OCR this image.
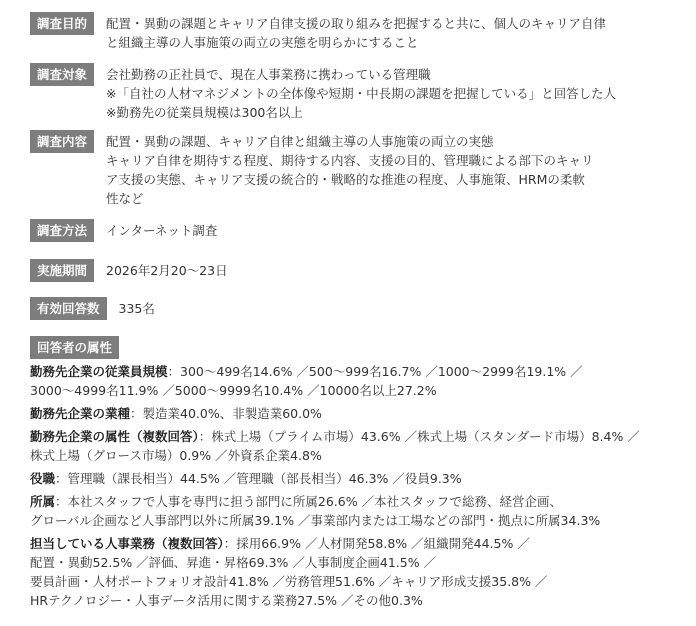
調査目的	配置・異動の課題とキャリア自律支援の取り組みを把握すると共に、個人のキャリア自律
と組織主導の人事施策の両立の実態を明らかにすること
調査対象	会社勤務の正社員で、現在人事業務に携わっている管理職
※「自社の人材マネジメントの全体像や短期・中長期の課題を把握している」と回答した人
※勤務先の従業員規模は300名以上
調査内容	配置・異動の課題、キャリア自律と組織主導の人事施策の両立の実態
キャリア自律を期待する程度、期待する内容、支援の目的、管理職による部下のキャリ
ア支援の実態、キャリア支援の統合的・戦略的な推進の程度、人事施策、HRMの柔軟
性など
調査方法	インターネット調査
実施期間	2026年2月20〜23日
有効回答数	335名
回答者の属性
勤務先企業の従業員規模：300〜499名14.6% ／500〜999名16.7% ／1000〜2999名19.1% ／
3000〜4999名11.9% ／5000〜9999名10.4% ／10000名以上27.2%
勤務先企業の業種：製造業40.0%、非製造業60.0%
勤務先企業の属性（複数回答）：株式上場（プライム市場）43.6% ／株式上場（スタンダード市場）8.4% ／
株式上場（グロース市場）0.9% ／外資系企業4.8%
役職：管理職（課長相当）44.5% ／管理職（部長相当）46.3% ／役員9.3%
所属：本社スタッフで人事を専門に担う部門に所属26.6% ／本社スタッフで総務、経営企画、
グローバル企画など人事部門以外に所属39.1% ／事業部内または工場などの部門・拠点に所属34.3%
担当している人事業務（複数回答）：採用66.9% ／人材開発58.8% ／組織開発44.5% ／
配置・異動52.5% ／評価、昇進・昇格69.3% ／人事制度企画41.5% ／
要員計画・人材ポートフォリオ設計41.8% ／労務管理51.6% ／キャリア形成支援35.8% ／
HRテクノロジー・人事データ活用に関する業務27.5% ／その他0.3%
